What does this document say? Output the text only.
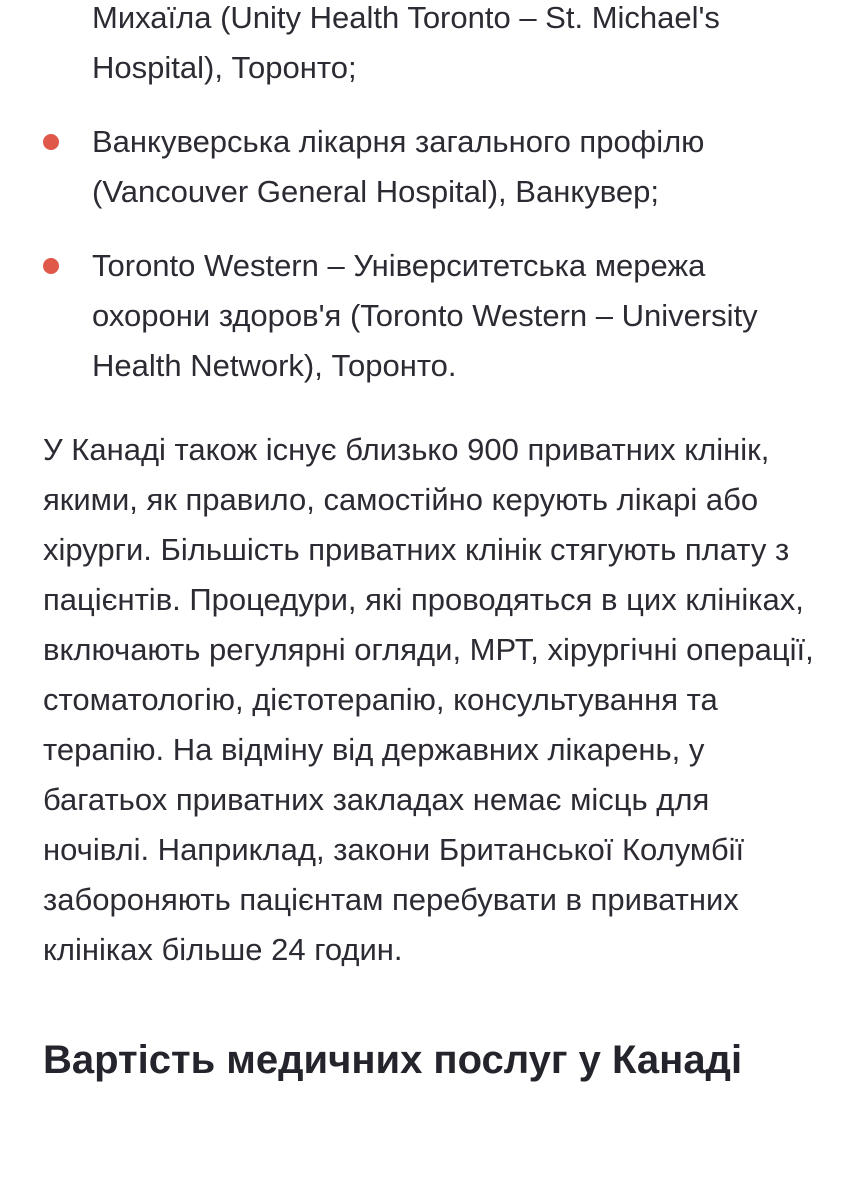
Михаїла (Unity Health Toronto – St. Michael's Hospital), Торонто;
Ванкуверська лікарня загального профілю (Vancouver General Hospital), Ванкувер;
Toronto Western – Університетська мережа охорони здоров'я (Toronto Western – University Health Network), Торонто.

У Канаді також існує близько 900 приватних клінік, якими, як правило, самостійно керують лікарі або хірурги. Більшість приватних клінік стягують плату з пацієнтів. Процедури, які проводяться в цих клініках, включають регулярні огляди, МРТ, хірургічні операції, стоматологію, дієтотерапію, консультування та терапію. На відміну від державних лікарень, у багатьох приватних закладах немає місць для ночівлі. Наприклад, закони Британської Колумбії забороняють пацієнтам перебувати в приватних клініках більше 24 годин.

Вартість медичних послуг у Канаді
